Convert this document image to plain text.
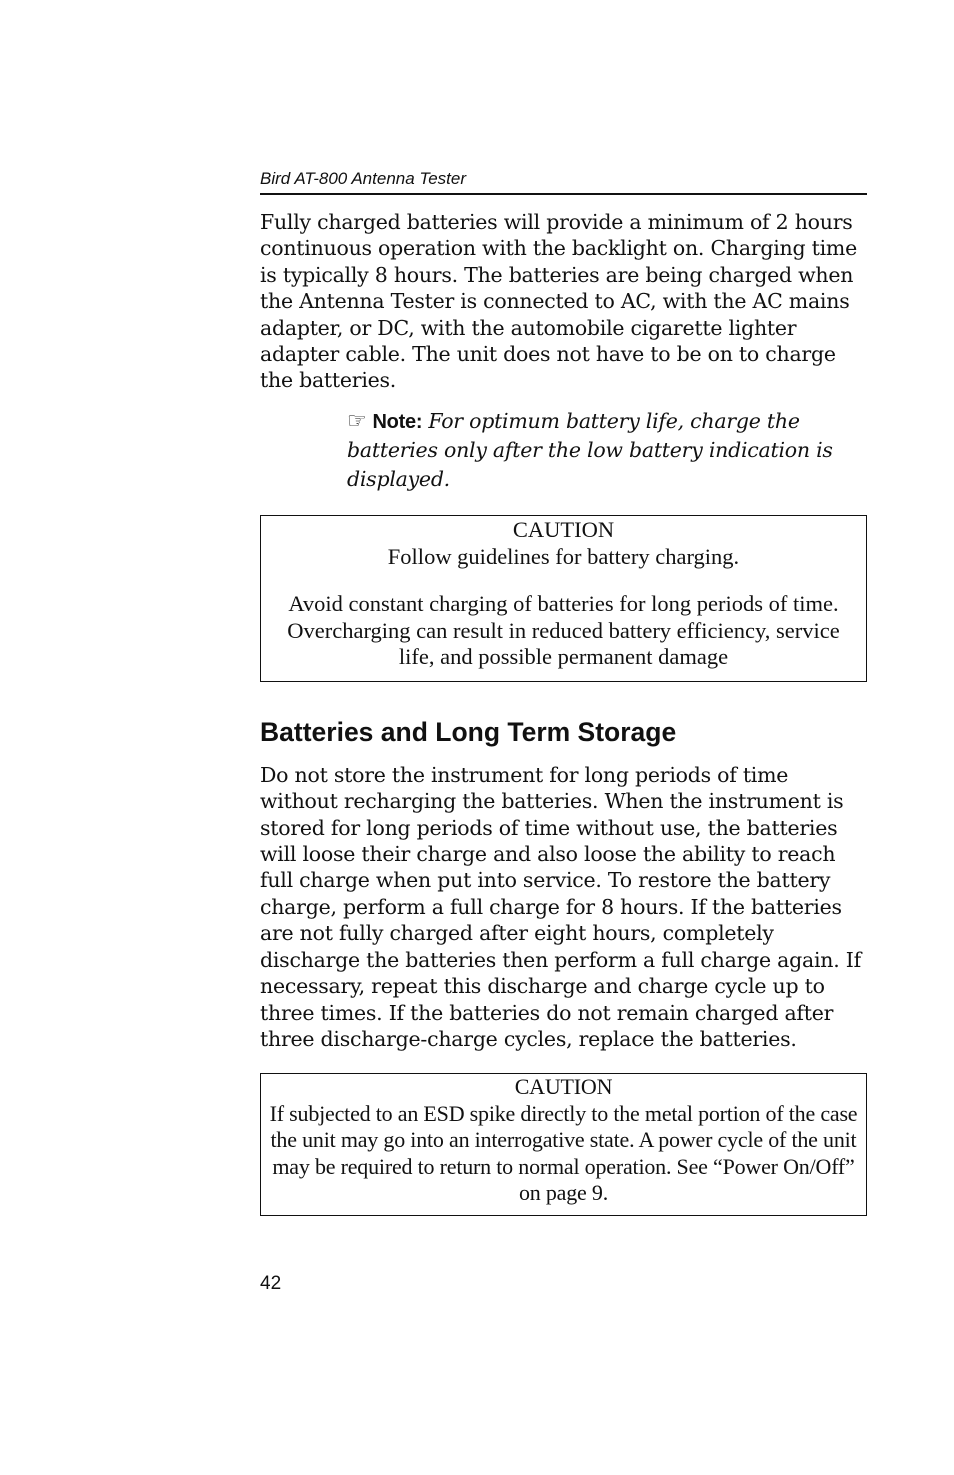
Bird AT-800 Antenna Tester

Fully charged batteries will provide a minimum of 2 hours continuous operation with the backlight on. Charging time is typically 8 hours. The batteries are being charged when the Antenna Tester is connected to AC, with the AC mains adapter, or DC, with the automobile cigarette lighter adapter cable. The unit does not have to be on to charge the batteries.

☞ Note: For optimum battery life, charge the batteries only after the low battery indication is displayed.

CAUTION

Follow guidelines for battery charging.

Avoid constant charging of batteries for long periods of time. Overcharging can result in reduced battery efficiency, service life, and possible permanent damage

Batteries and Long Term Storage

Do not store the instrument for long periods of time without recharging the batteries. When the instrument is stored for long periods of time without use, the batteries will loose their charge and also loose the ability to reach full charge when put into service. To restore the battery charge, perform a full charge for 8 hours. If the batteries are not fully charged after eight hours, completely discharge the batteries then perform a full charge again. If necessary, repeat this discharge and charge cycle up to three times. If the batteries do not remain charged after three discharge-charge cycles, replace the batteries.

CAUTION

If subjected to an ESD spike directly to the metal portion of the case the unit may go into an interrogative state. A power cycle of the unit may be required to return to normal operation. See “Power On/Off” on page 9.

42
